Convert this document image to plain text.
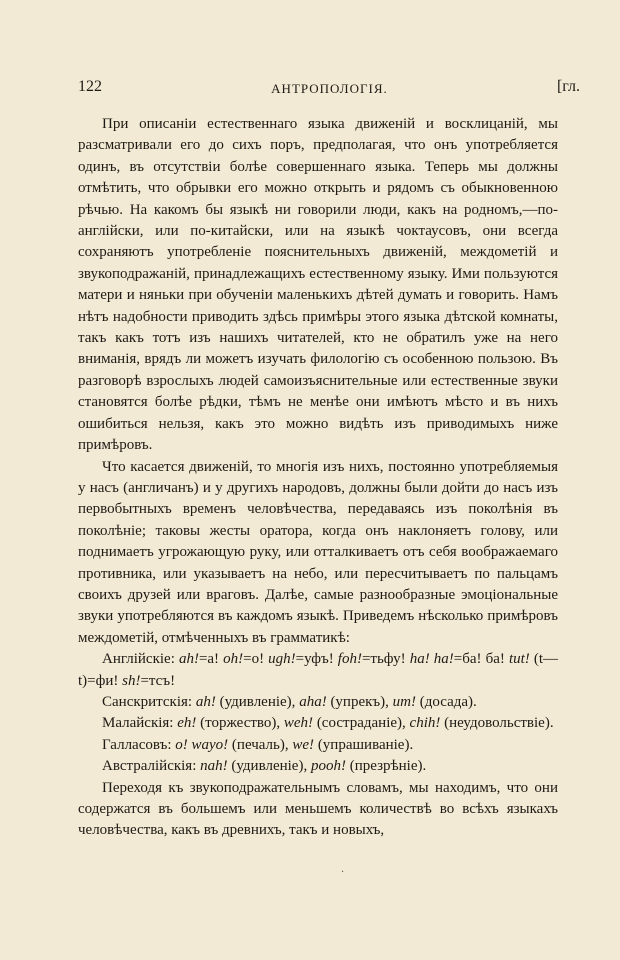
122	АНТРОПОЛОГІЯ.	[гл.

При описаніи естественнаго языка движеній и восклицаній, мы разсматривали его до сихъ поръ, предполагая, что онъ употребляется одинъ, въ отсутствіи болѣе совершеннаго языка. Теперь мы должны отмѣтить, что обрывки его можно открыть и рядомъ съ обыкновенною рѣчью. На какомъ бы языкѣ ни говорили люди, какъ на родномъ,—по-англійски, или по-китайски, или на языкѣ чоктаусовъ, они всегда сохраняютъ употребленіе пояснительныхъ движеній, междометій и звукоподражаній, принадлежащихъ естественному языку. Ими пользуются матери и няньки при обученіи маленькихъ дѣтей думать и говорить. Намъ нѣтъ надобности приводить здѣсь примѣры этого языка дѣтской комнаты, такъ какъ тотъ изъ нашихъ читателей, кто не обратилъ уже на него вниманія, врядъ ли можетъ изучать филологію съ особенною пользою. Въ разговорѣ взрослыхъ людей самоизъяснительные или естественные звуки становятся болѣе рѣдки, тѣмъ не менѣе они имѣютъ мѣсто и въ нихъ ошибиться нельзя, какъ это можно видѣть изъ приводимыхъ ниже примѣровъ.

Что касается движеній, то многія изъ нихъ, постоянно употребляемыя у насъ (англичанъ) и у другихъ народовъ, должны были дойти до насъ изъ первобытныхъ временъ человѣчества, передаваясь изъ поколѣнія въ поколѣніе; таковы жесты оратора, когда онъ наклоняетъ голову, или поднимаетъ угрожающую руку, или отталкиваетъ отъ себя воображаемаго противника, или указываетъ на небо, или пересчитываетъ по пальцамъ своихъ друзей или враговъ. Далѣе, самые разнообразные эмоціональные звуки употребляются въ каждомъ языкѣ. Приведемъ нѣсколько примѣровъ междометій, отмѣченныхъ въ грамматикѣ:

Англійскіе: ah!=а! oh!=о! ugh!=уфъ! foh!=тьфу! ha! ha!=ба! ба! tut! (t—t)=фи! sh!=тсъ!

Санскритскія: ah! (удивленіе), aha! (упрекъ), um! (досада).

Малайскія: eh! (торжество), weh! (состраданіе), chih! (неудовольствіе).

Галласовъ: o! wayo! (печаль), we! (упрашиваніе).

Австралійскія: nah! (удивленіе), pooh! (презрѣніе).

Переходя къ звукоподражательнымъ словамъ, мы находимъ, что они содержатся въ большемъ или меньшемъ количествѣ во всѣхъ языкахъ человѣчества, какъ въ древнихъ, такъ и новыхъ,

·
